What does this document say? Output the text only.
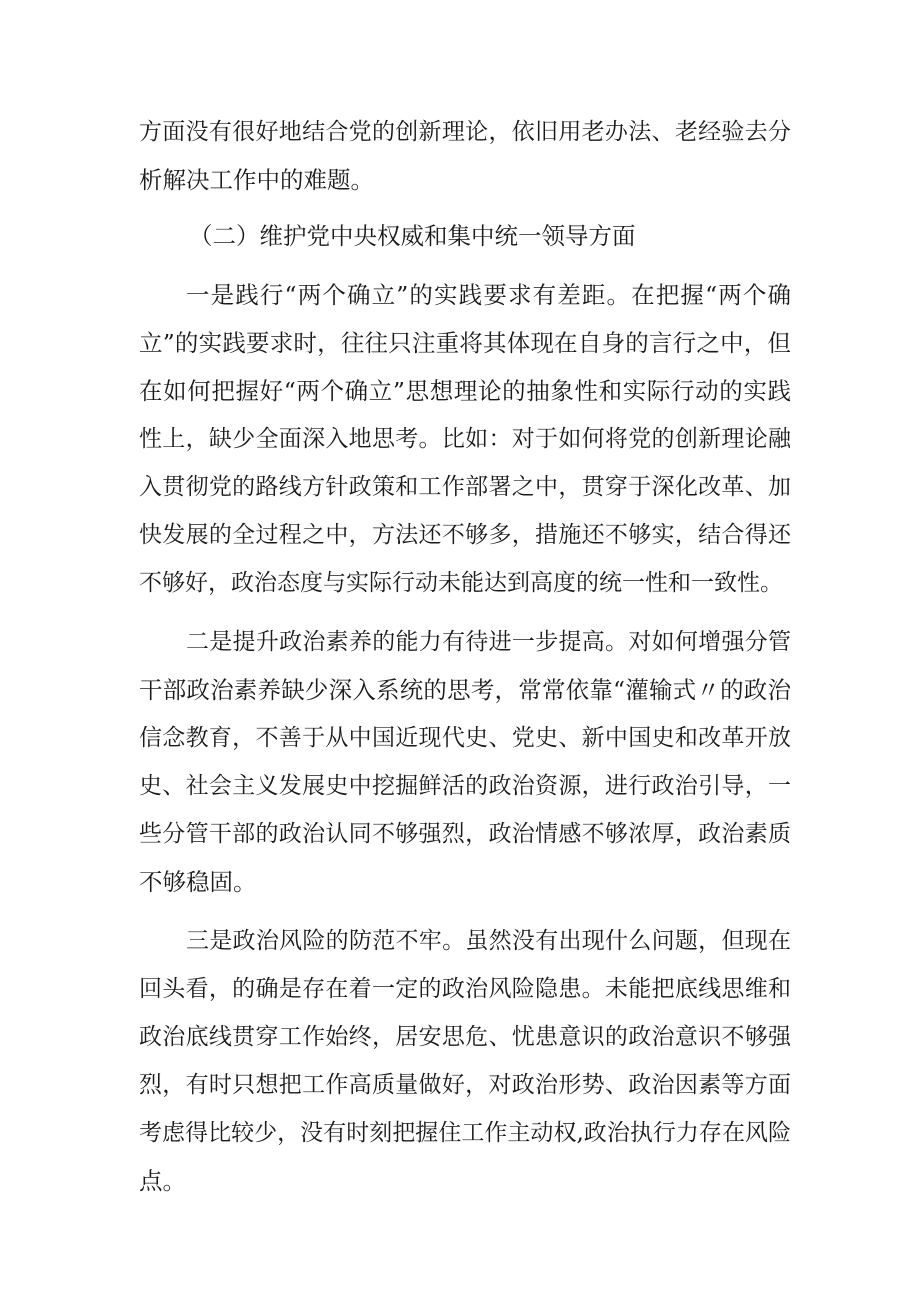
方面没有很好地结合党的创新理论，依旧用老办法、老经验去分
析解决工作中的难题。
（二）维护党中央权威和集中统一领导方面
一是践行“两个确立”的实践要求有差距。在把握“两个确
立”的实践要求时，往往只注重将其体现在自身的言行之中，但
在如何把握好“两个确立”思想理论的抽象性和实际行动的实践
性上，缺少全面深入地思考。比如：对于如何将党的创新理论融
入贯彻党的路线方针政策和工作部署之中，贯穿于深化改革、加
快发展的全过程之中，方法还不够多，措施还不够实，结合得还
不够好，政治态度与实际行动未能达到高度的统一性和一致性。
二是提升政治素养的能力有待进一步提高。对如何增强分管
干部政治素养缺少深入系统的思考，常常依靠“灌输式〃的政治
信念教育，不善于从中国近现代史、党史、新中国史和改革开放
史、社会主义发展史中挖掘鲜活的政治资源，进行政治引导，一
些分管干部的政治认同不够强烈，政治情感不够浓厚，政治素质
不够稳固。
三是政治风险的防范不牢。虽然没有出现什么问题，但现在
回头看，的确是存在着一定的政治风险隐患。未能把底线思维和
政治底线贯穿工作始终，居安思危、忧患意识的政治意识不够强
烈，有时只想把工作高质量做好，对政治形势、政治因素等方面
考虑得比较少，没有时刻把握住工作主动权,政治执行力存在风险
点。
